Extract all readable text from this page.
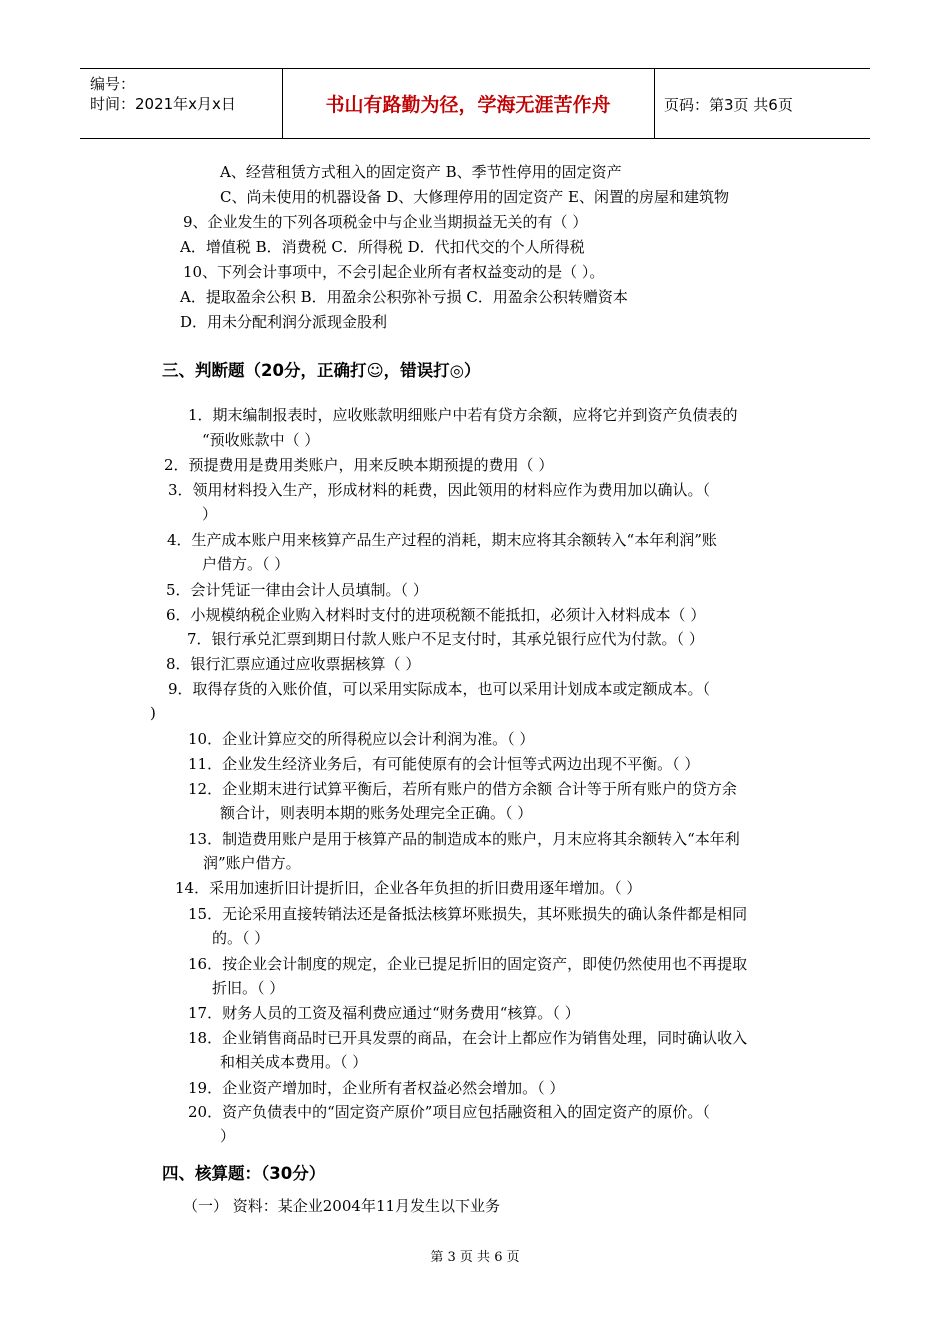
编号：
时间：2021年x月x日	书山有路勤为径，学海无涯苦作舟	页码：第3页 共6页
A、经营租赁方式租入的固定资产 B、季节性停用的固定资产
C、尚未使用的机器设备 D、大修理停用的固定资产 E、闲置的房屋和建筑物
9、企业发生的下列各项税金中与企业当期损益无关的有（ ）
A．增值税 B．消费税 C．所得税 D．代扣代交的个人所得税
10、下列会计事项中，不会引起企业所有者权益变动的是（ ）。
A．提取盈余公积 B．用盈余公积弥补亏损 C．用盈余公积转赠资本
D．用未分配利润分派现金股利
三、判断题（20分，正确打☺，错误打◎）
1．期末编制报表时，应收账款明细账户中若有贷方余额，应将它并到资产负债表的
“预收账款中（ ）
2．预提费用是费用类账户，用来反映本期预提的费用（ ）
3．领用材料投入生产，形成材料的耗费，因此领用的材料应作为费用加以确认。（
）
4．生产成本账户用来核算产品生产过程的消耗，期末应将其余额转入“本年利润”账
户借方。（ ）
5．会计凭证一律由会计人员填制。（ ）
6．小规模纳税企业购入材料时支付的进项税额不能抵扣，必须计入材料成本（ ）
7．银行承兑汇票到期日付款人账户不足支付时，其承兑银行应代为付款。（ ）
8．银行汇票应通过应收票据核算（ ）
9．取得存货的入账价值，可以采用实际成本，也可以采用计划成本或定额成本。（
)
10．企业计算应交的所得税应以会计利润为准。（ ）
11．企业发生经济业务后，有可能使原有的会计恒等式两边出现不平衡。（ ）
12．企业期末进行试算平衡后，若所有账户的借方余额 合计等于所有账户的贷方余
额合计，则表明本期的账务处理完全正确。（ ）
13．制造费用账户是用于核算产品的制造成本的账户，月末应将其余额转入“本年利
润”账户借方。
14．采用加速折旧计提折旧，企业各年负担的折旧费用逐年增加。（ ）
15．无论采用直接转销法还是备抵法核算坏账损失，其坏账损失的确认条件都是相同
的。（ ）
16．按企业会计制度的规定，企业已提足折旧的固定资产，即使仍然使用也不再提取
折旧。（ ）
17．财务人员的工资及福利费应通过“财务费用“核算。（ ）
18．企业销售商品时已开具发票的商品，在会计上都应作为销售处理，同时确认收入
和相关成本费用。（ ）
19．企业资产增加时，企业所有者权益必然会增加。（ ）
20．资产负债表中的“固定资产原价”项目应包括融资租入的固定资产的原价。（
）
四、核算题：（30分）
（一） 资料：某企业2004年11月发生以下业务
第 3 页 共 6 页
